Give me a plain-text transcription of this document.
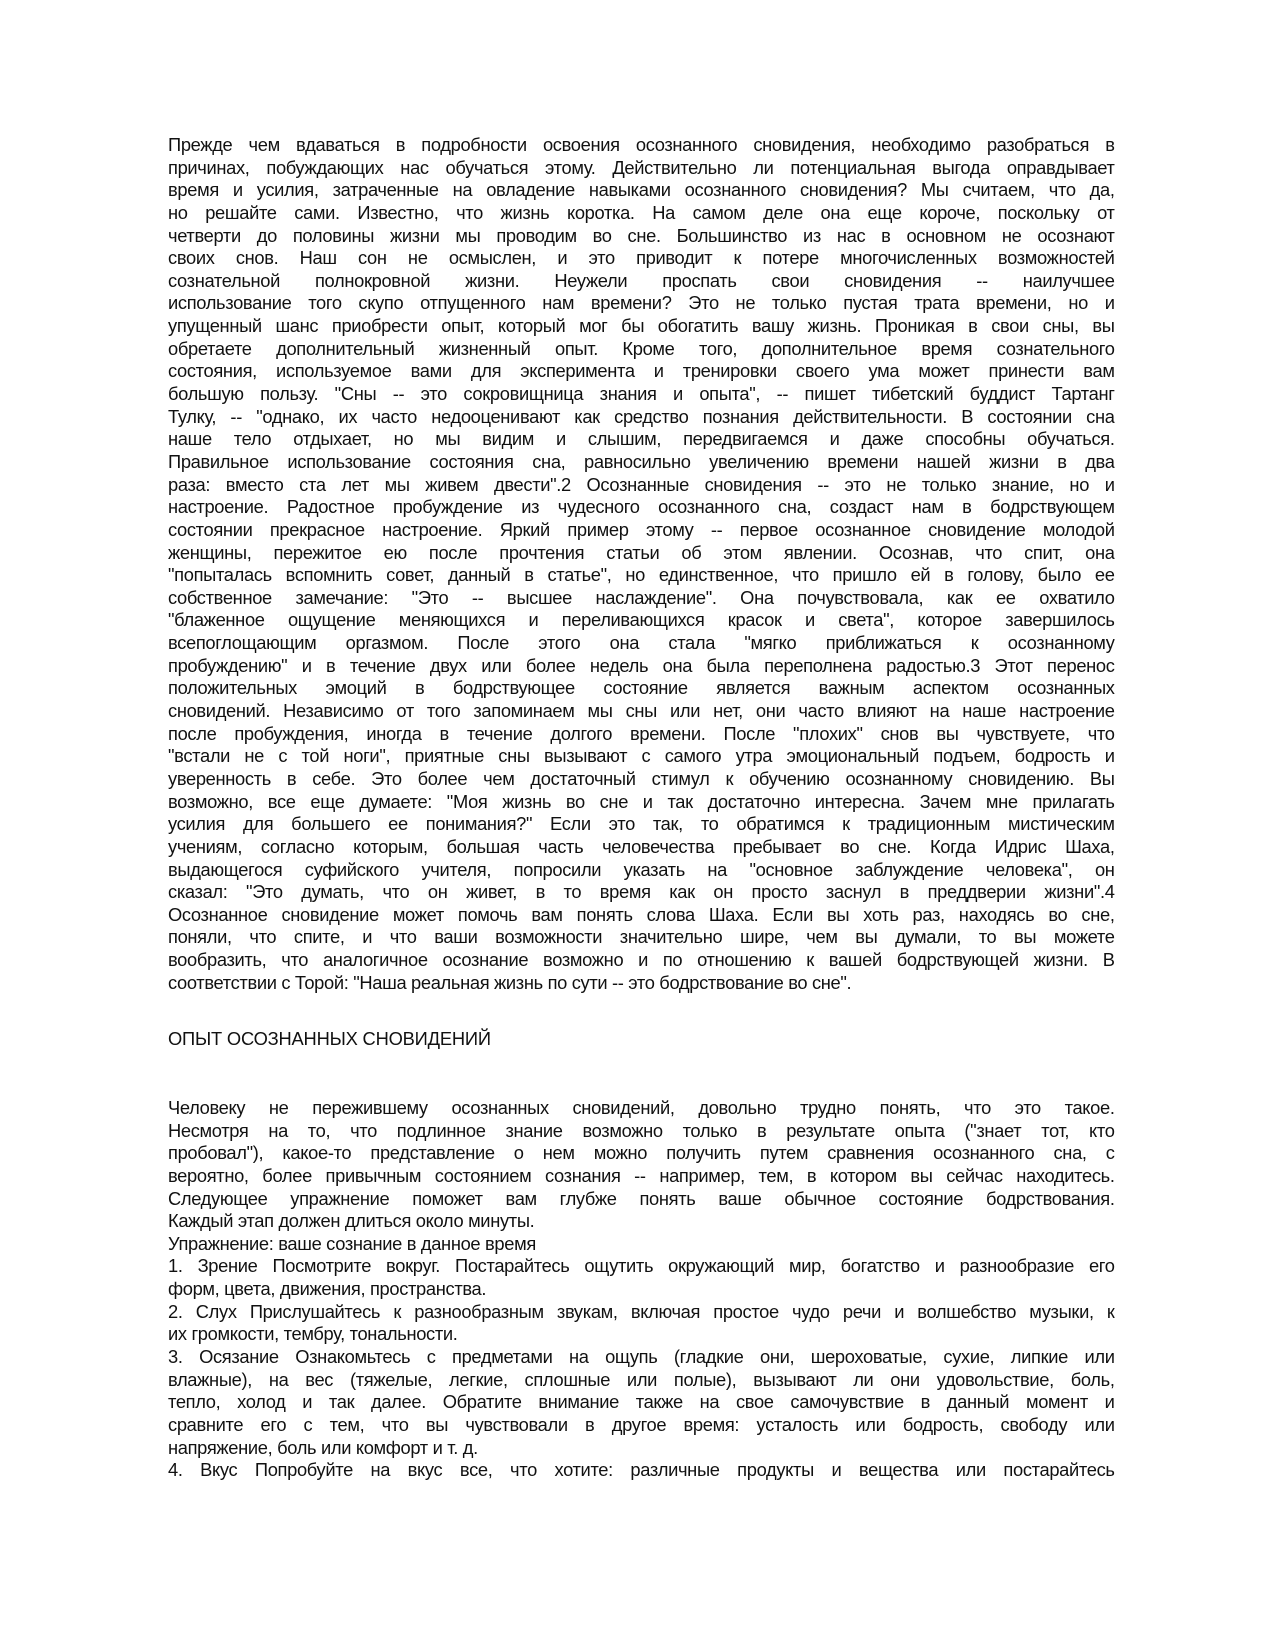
Прежде чем вдаваться в подробности освоения осознанного сновидения, необходимо разобраться в
причинах, побуждающих нас обучаться этому. Действительно ли потенциальная выгода оправдывает
время и усилия, затраченные на овладение навыками осознанного сновидения? Мы считаем, что да,
но решайте сами. Известно, что жизнь коротка. На самом деле она еще короче, поскольку от
четверти до половины жизни мы проводим во сне. Большинство из нас в основном не осознают
своих снов. Наш сон не осмыслен, и это приводит к потере многочисленных возможностей
сознательной полнокровной жизни. Неужели проспать свои сновидения -- наилучшее
использование того скупо отпущенного нам времени? Это не только пустая трата времени, но и
упущенный шанс приобрести опыт, который мог бы обогатить вашу жизнь. Проникая в свои сны, вы
обретаете дополнительный жизненный опыт. Кроме того, дополнительное время сознательного
состояния, используемое вами для эксперимента и тренировки своего ума может принести вам
большую пользу. "Сны -- это сокровищница знания и опыта", -- пишет тибетский буддист Тартанг
Тулку, -- "однако, их часто недооценивают как средство познания действительности. В состоянии сна
наше тело отдыхает, но мы видим и слышим, передвигаемся и даже способны обучаться.
Правильное использование состояния сна, равносильно увеличению времени нашей жизни в два
раза: вместо ста лет мы живем двести".2 Осознанные сновидения -- это не только знание, но и
настроение. Радостное пробуждение из чудесного осознанного сна, создаст нам в бодрствующем
состоянии прекрасное настроение. Яркий пример этому -- первое осознанное сновидение молодой
женщины, пережитое ею после прочтения статьи об этом явлении. Осознав, что спит, она
"попыталась вспомнить совет, данный в статье", но единственное, что пришло ей в голову, было ее
собственное замечание: "Это -- высшее наслаждение". Она почувствовала, как ее охватило
"блаженное ощущение меняющихся и переливающихся красок и света", которое завершилось
всепоглощающим оргазмом. После этого она стала "мягко приближаться к осознанному
пробуждению" и в течение двух или более недель она была переполнена радостью.3 Этот перенос
положительных эмоций в бодрствующее состояние является важным аспектом осознанных
сновидений. Независимо от того запоминаем мы сны или нет, они часто влияют на наше настроение
после пробуждения, иногда в течение долгого времени. После "плохих" снов вы чувствуете, что
"встали не с той ноги", приятные сны вызывают с самого утра эмоциональный подъем, бодрость и
уверенность в себе. Это более чем достаточный стимул к обучению осознанному сновидению. Вы
возможно, все еще думаете: "Моя жизнь во сне и так достаточно интересна. Зачем мне прилагать
усилия для большего ее понимания?" Если это так, то обратимся к традиционным мистическим
учениям, согласно которым, большая часть человечества пребывает во сне. Когда Идрис Шаха,
выдающегося суфийского учителя, попросили указать на "основное заблуждение человека", он
сказал: "Это думать, что он живет, в то время как он просто заснул в преддверии жизни".4
Осознанное сновидение может помочь вам понять слова Шаха. Если вы хоть раз, находясь во сне,
поняли, что спите, и что ваши возможности значительно шире, чем вы думали, то вы можете
вообразить, что аналогичное осознание возможно и по отношению к вашей бодрствующей жизни. В
соответствии с Торой: "Наша реальная жизнь по сути -- это бодрствование во сне".
ОПЫТ ОСОЗНАННЫХ СНОВИДЕНИЙ
Человеку не пережившему осознанных сновидений, довольно трудно понять, что это такое.
Несмотря на то, что подлинное знание возможно только в результате опыта ("знает тот, кто
пробовал"), какое-то представление о нем можно получить путем сравнения осознанного сна, с
вероятно, более привычным состоянием сознания -- например, тем, в котором вы сейчас находитесь.
Следующее упражнение поможет вам глубже понять ваше обычное состояние бодрствования.
Каждый этап должен длиться около минуты.
Упражнение: ваше сознание в данное время
1. Зрение Посмотрите вокруг. Постарайтесь ощутить окружающий мир, богатство и разнообразие его
форм, цвета, движения, пространства.
2. Слух Прислушайтесь к разнообразным звукам, включая простое чудо речи и волшебство музыки, к
их громкости, тембру, тональности.
3. Осязание Ознакомьтесь с предметами на ощупь (гладкие они, шероховатые, сухие, липкие или
влажные), на вес (тяжелые, легкие, сплошные или полые), вызывают ли они удовольствие, боль,
тепло, холод и так далее. Обратите внимание также на свое самочувствие в данный момент и
сравните его с тем, что вы чувствовали в другое время: усталость или бодрость, свободу или
напряжение, боль или комфорт и т. д.
4. Вкус Попробуйте на вкус все, что хотите: различные продукты и вещества или постарайтесь
